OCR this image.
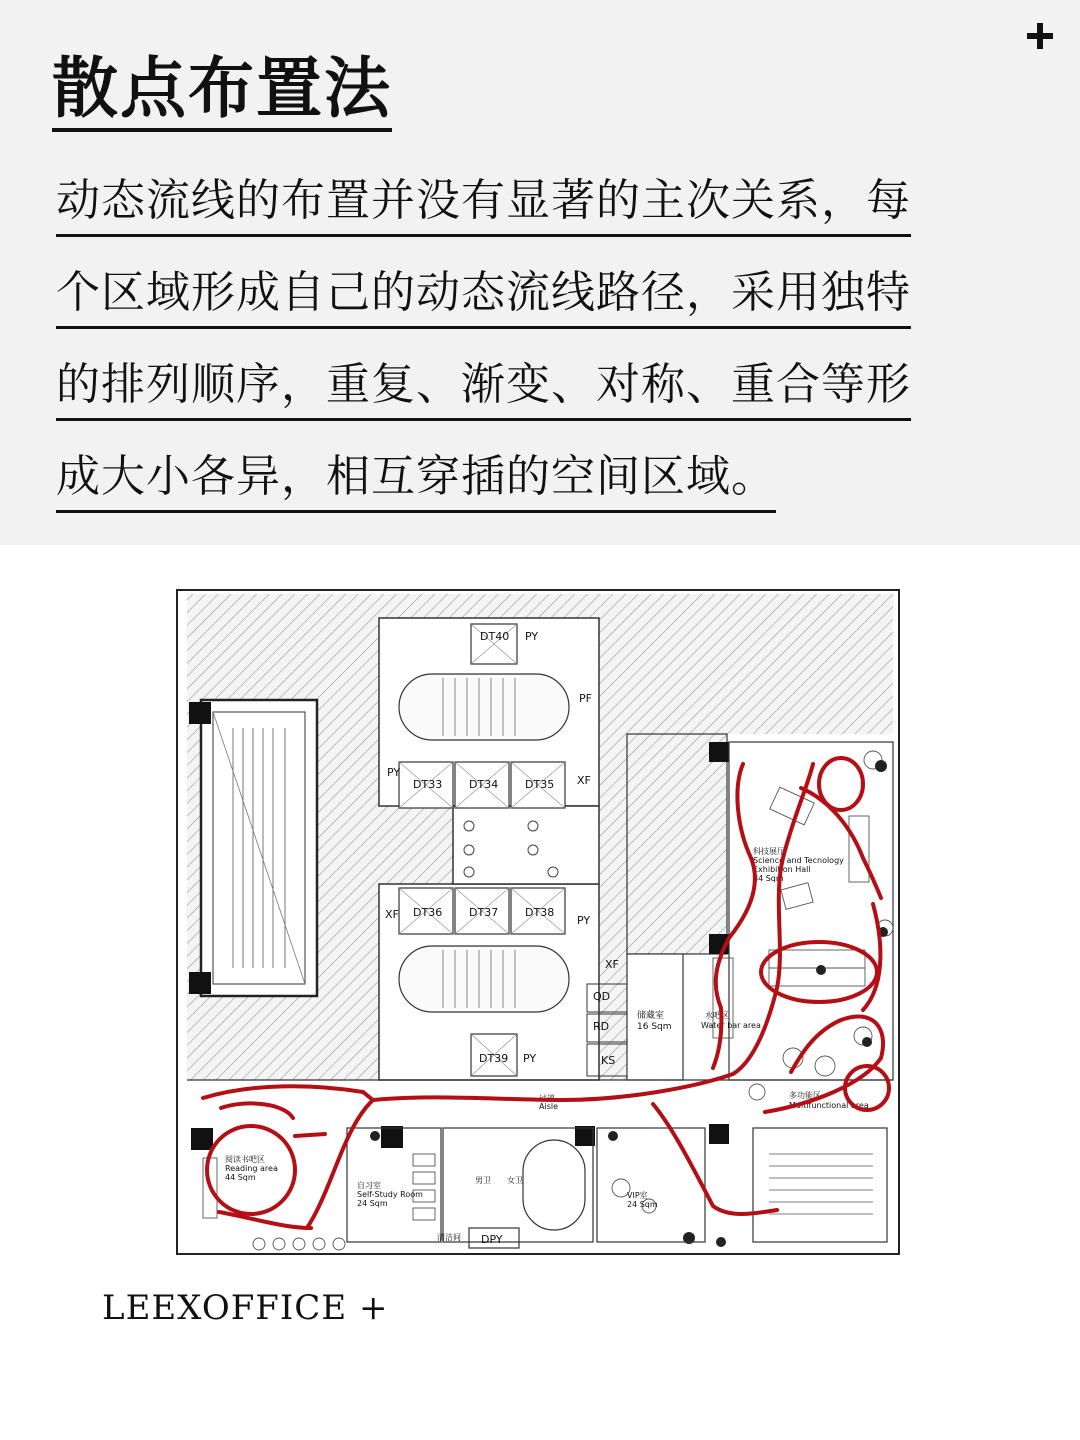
散点布置法
动态流线的布置并没有显著的主次关系，每
个区域形成自己的动态流线路径，采用独特
的排列顺序，重复、渐变、对称、重合等形
成大小各异，相互穿插的空间区域。
DT40
DT33 DT34 DT35
DT36 DT37 DT38
DT39
PY
PY
PY
PY
PF
XF
XF
XF
QD
RD
KS
储藏室
16 Sqm
科技展厅
Science and Tecnology
Exhibition Hall
84 Sqm
水吧区
Water bar area
多功能区
Multifunctional area
过道
Aisle
阅读书吧区
Reading area
44 Sqm
自习室
Self-Study Room
24 Sqm
VIP室
24 Sqm
男卫 女卫
清洁间 DPY
LEEXOFFICE +
